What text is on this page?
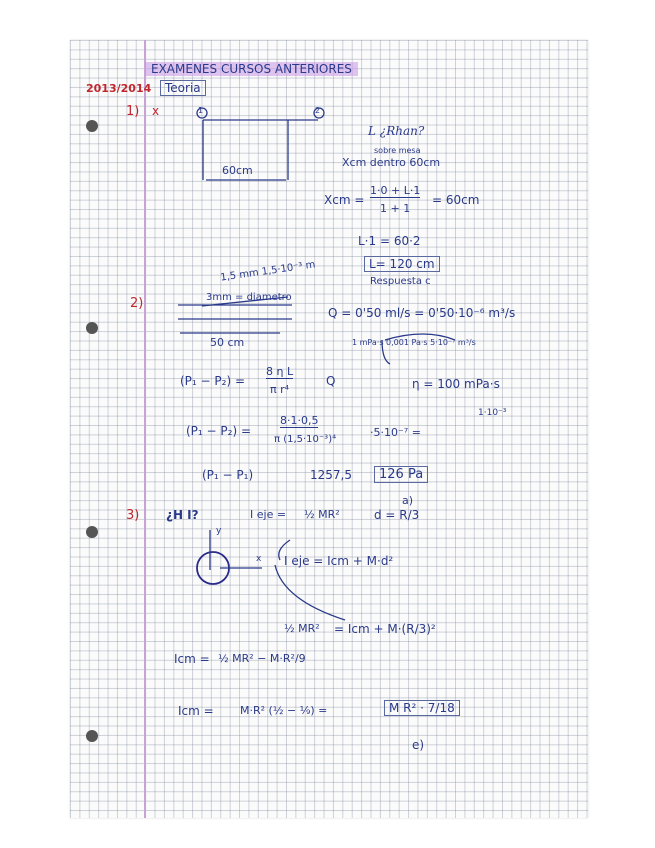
EXAMENES CURSOS ANTERIORES
2013/2014	Teoria
1) x	1	2
60cm
L ¿Rhan?
sobre mesa
Xcm dentro 60cm
Xcm =
1·0 + L·1
1 + 1
= 60cm
L·1 = 60·2
L= 120 cm
Respuesta c
2)
1,5 mm 1,5·10⁻³ m
3mm = diametro
50 cm
Q = 0'50 ml/s = 0'50·10⁻⁶ m³/s
1 mPa·s 0,001 Pa·s 5·10⁻⁷ m³/s
η = 100 mPa·s
(P₁ − P₂) =
8 η L
π r⁴
Q
(P₁ − P₂) =
8·1·0,5
π (1,5·10⁻³)⁴
·5·10⁻⁷ =
1·10⁻³
(P₁ − P₁)	1257,5	126 Pa
a)
3) ¿H I?	I eje = ½ MR²	d = R/3
y
x I eje = Icm + M·d²
½ MR² = Icm + M·(R/3)²
Icm = ½ MR² − M·R²/9
Icm = M·R² (½ − ⅑) =	M R² · 7/18
e)
